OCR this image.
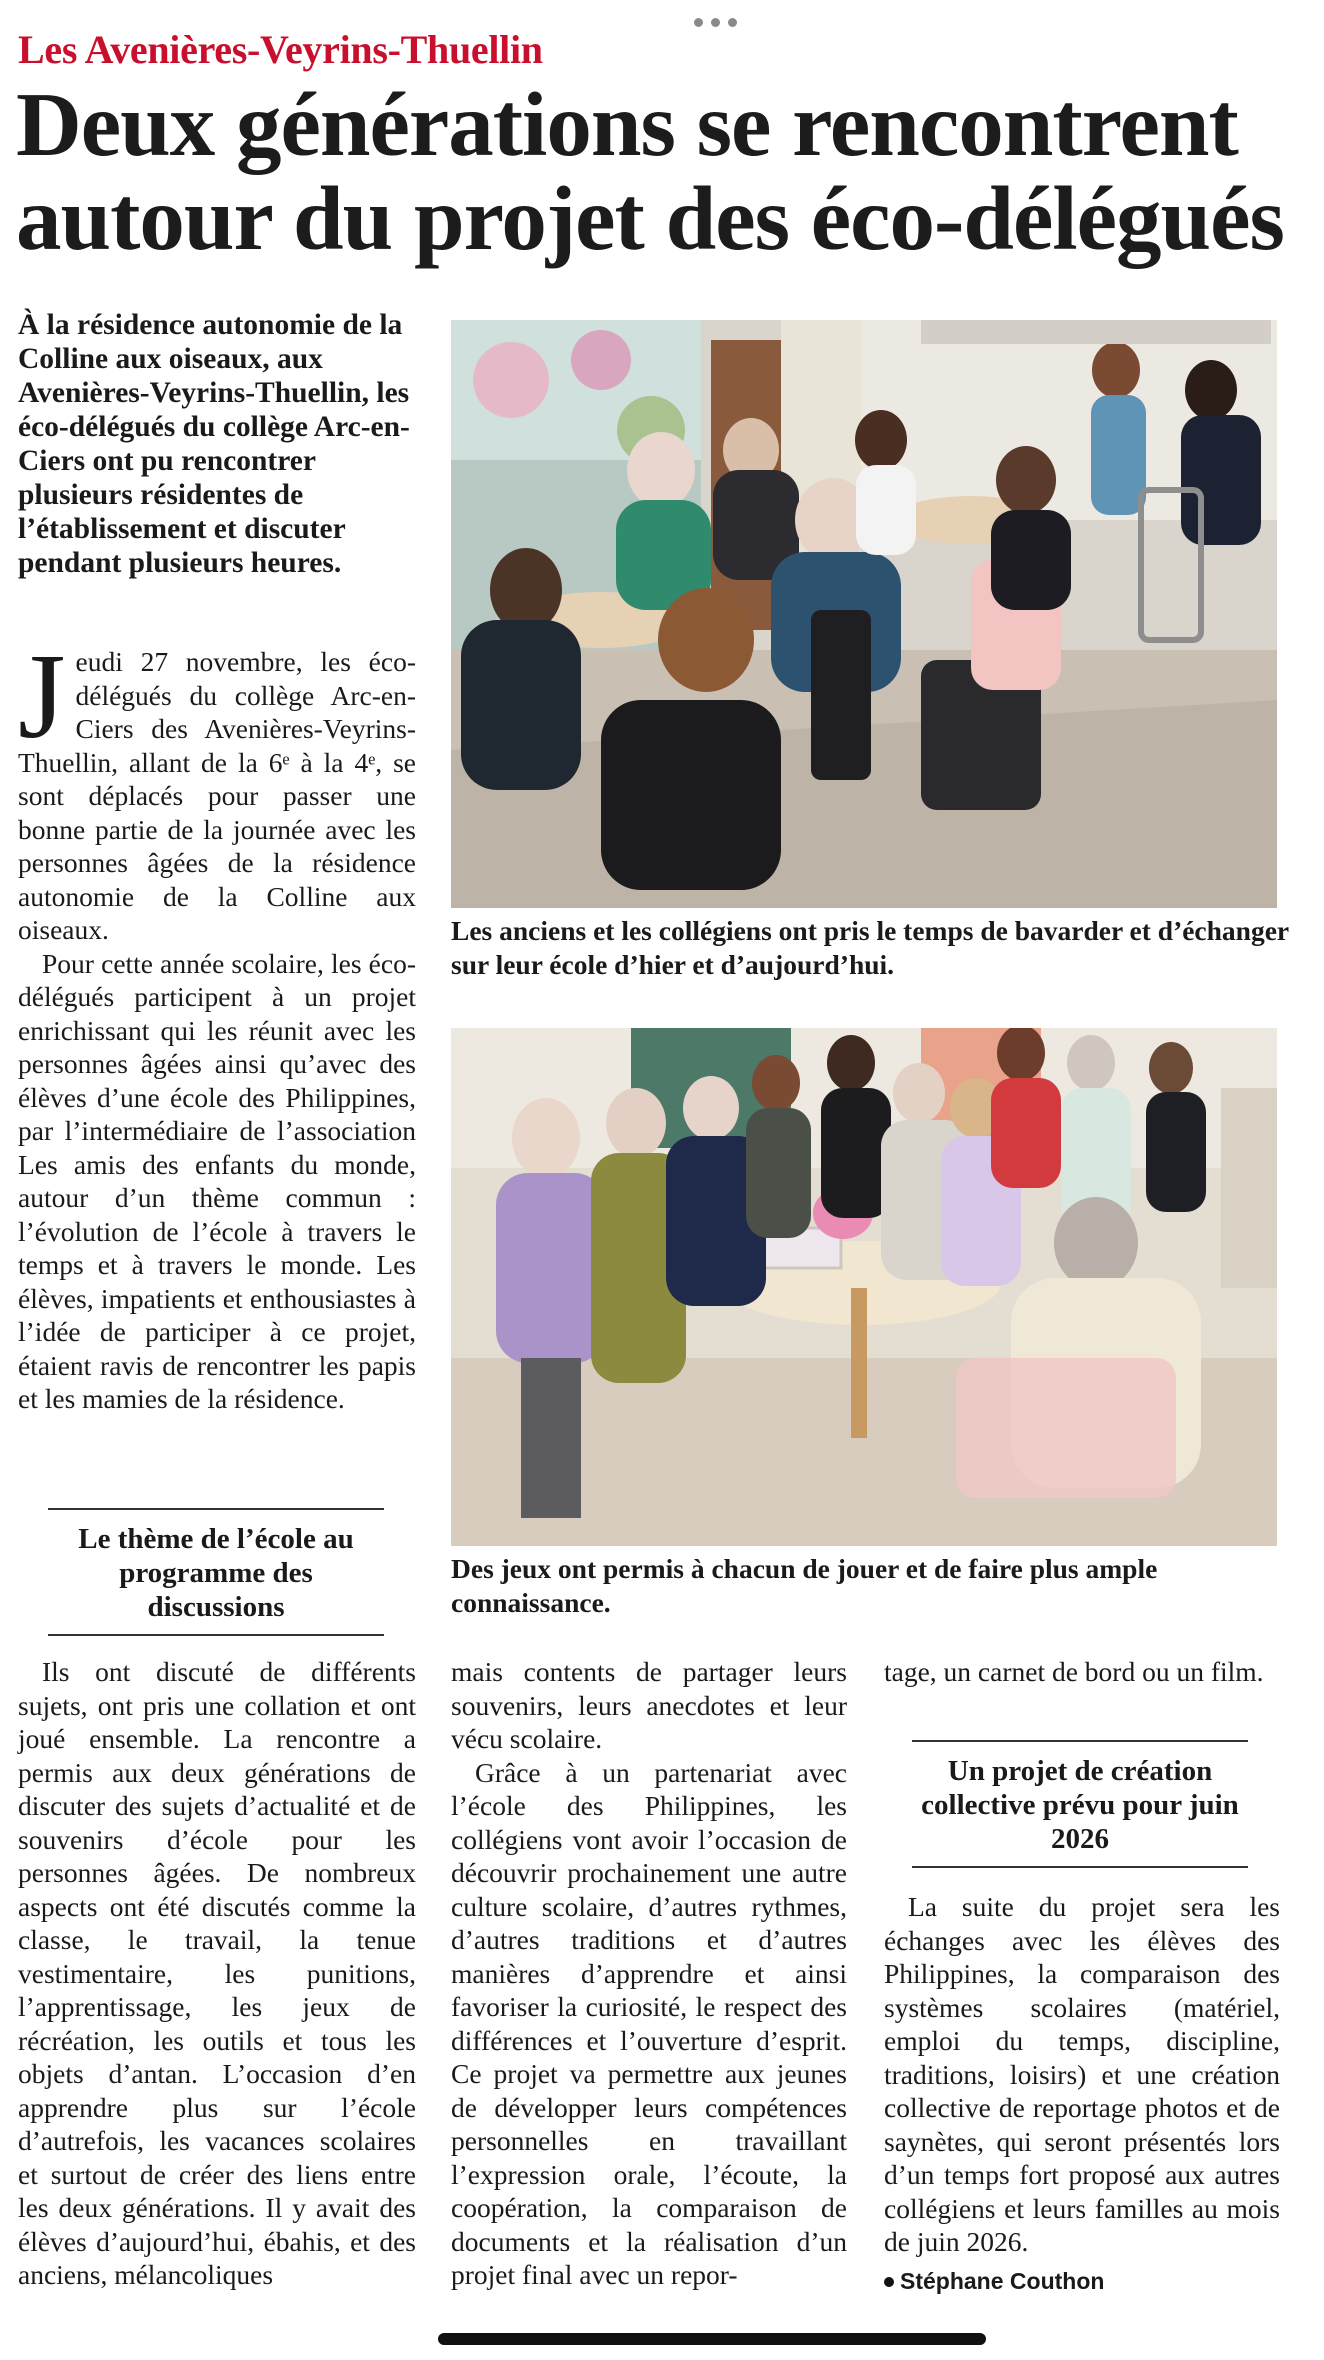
Les Avenières-Veyrins-Thuellin
Deux générations se rencontrent autour du projet des éco-délégués
À la résidence autonomie de la Colline aux oiseaux, aux Avenières-Veyrins-Thuellin, les éco-délégués du collège Arc-en-Ciers ont pu rencontrer plusieurs résidentes de l’établissement et discuter pendant plusieurs heures.

Jeudi 27 novembre, les éco-délégués du collège Arc-en-Ciers des Avenières-Veyrins-Thuellin, allant de la 6ᵉ à la 4ᵉ, se sont déplacés pour passer une bonne partie de la journée avec les personnes âgées de la résidence autonomie de la Colline aux oiseaux.

Pour cette année scolaire, les éco-délégués participent à un projet enrichissant qui les réunit avec les personnes âgées ainsi qu’avec des élèves d’une école des Philippines, par l’intermédiaire de l’association Les amis des enfants du monde, autour d’un thème commun : l’évolution de l’école à travers le temps et à travers le monde. Les élèves, impatients et enthousiastes à l’idée de participer à ce projet, étaient ravis de rencontrer les papis et les mamies de la résidence.

Le thème de l’école au programme des discussions

Ils ont discuté de différents sujets, ont pris une collation et ont joué ensemble. La rencontre a permis aux deux générations de discuter des sujets d’actualité et de souvenirs d’école pour les personnes âgées. De nombreux aspects ont été discutés comme la classe, le travail, la tenue vestimentaire, les punitions, l’apprentissage, les jeux de récréation, les outils et tous les objets d’antan. L’occasion d’en apprendre plus sur l’école d’autrefois, les vacances scolaires et surtout de créer des liens entre les deux générations. Il y avait des élèves d’aujourd’hui, ébahis, et des anciens, mélancoliques

mais contents de partager leurs souvenirs, leurs anecdotes et leur vécu scolaire.

Grâce à un partenariat avec l’école des Philippines, les collégiens vont avoir l’occasion de découvrir prochainement une autre culture scolaire, d’autres rythmes, d’autres traditions et d’autres manières d’apprendre et ainsi favoriser la curiosité, le respect des différences et l’ouverture d’esprit. Ce projet va permettre aux jeunes de développer leurs compétences personnelles en travaillant l’expression orale, l’écoute, la coopération, la comparaison de documents et la réalisation d’un projet final avec un repor-

tage, un carnet de bord ou un film.

Un projet de création collective prévu pour juin 2026

La suite du projet sera les échanges avec les élèves des Philippines, la comparaison des systèmes scolaires (matériel, emploi du temps, discipline, traditions, loisirs) et une création collective de reportage photos et de saynètes, qui seront présentés lors d’un temps fort proposé aux autres collégiens et leurs familles au mois de juin 2026.

Stéphane Couthon

Les anciens et les collégiens ont pris le temps de bavarder et d’échanger sur leur école d’hier et d’aujourd’hui.
Des jeux ont permis à chacun de jouer et de faire plus ample connaissance.
